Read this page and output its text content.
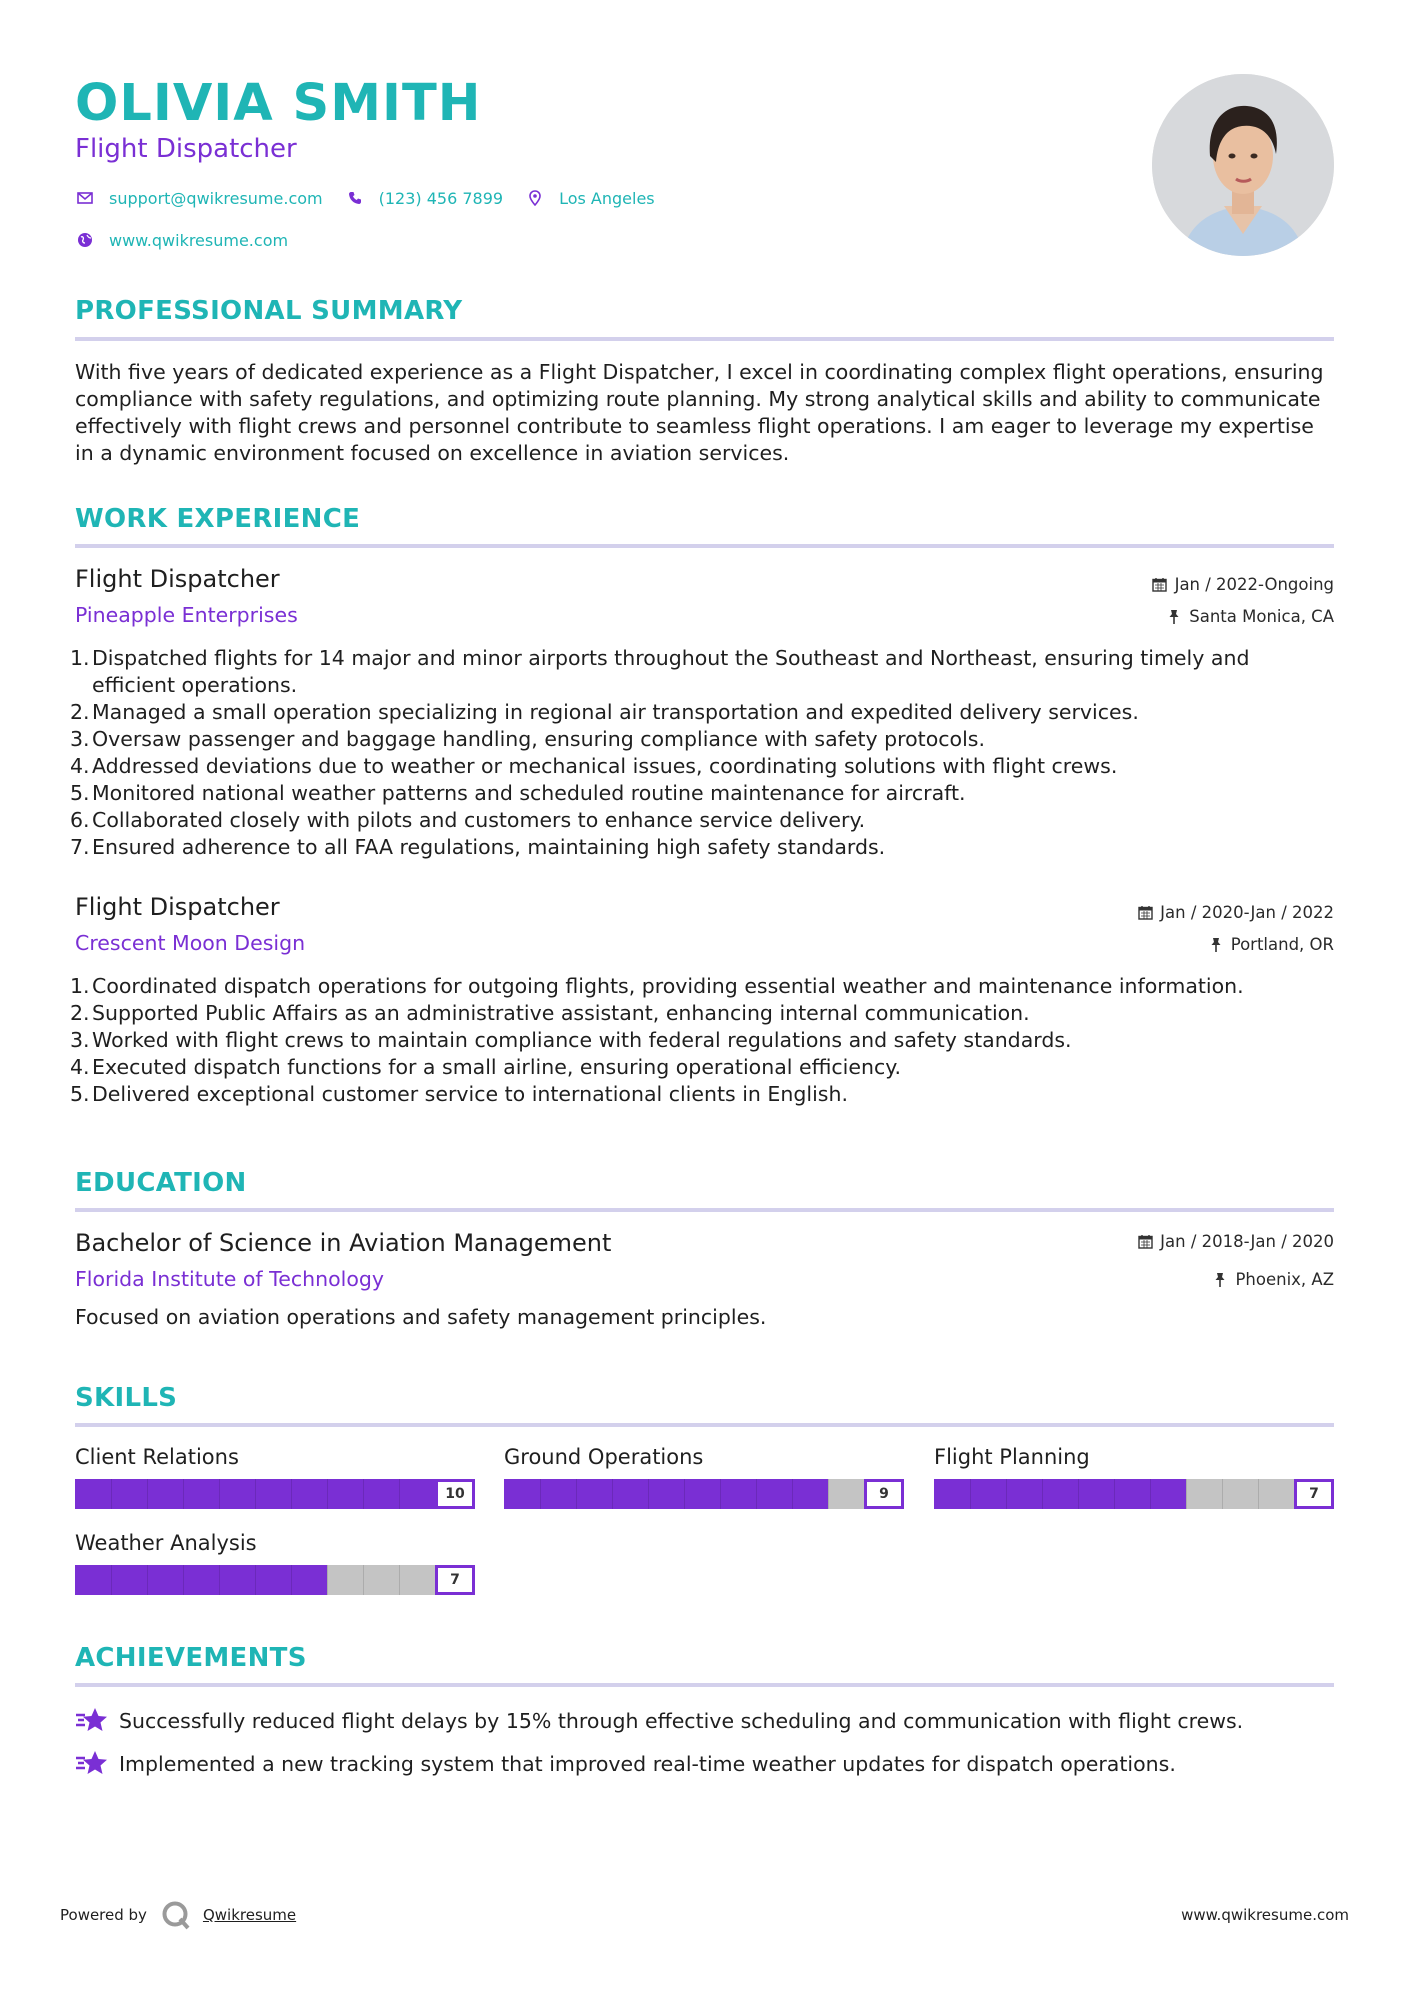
OLIVIA SMITH
Flight Dispatcher
support@qwikresume.com	(123) 456 7899	Los Angeles
www.qwikresume.com
PROFESSIONAL SUMMARY
With five years of dedicated experience as a Flight Dispatcher, I excel in coordinating complex flight operations, ensuring compliance with safety regulations, and optimizing route planning. My strong analytical skills and ability to communicate effectively with flight crews and personnel contribute to seamless flight operations. I am eager to leverage my expertise in a dynamic environment focused on excellence in aviation services.
WORK EXPERIENCE
Flight Dispatcher
Pineapple Enterprises
Jan / 2022-Ongoing
Santa Monica, CA
1. Dispatched flights for 14 major and minor airports throughout the Southeast and Northeast, ensuring timely and efficient operations.
2. Managed a small operation specializing in regional air transportation and expedited delivery services.
3. Oversaw passenger and baggage handling, ensuring compliance with safety protocols.
4. Addressed deviations due to weather or mechanical issues, coordinating solutions with flight crews.
5. Monitored national weather patterns and scheduled routine maintenance for aircraft.
6. Collaborated closely with pilots and customers to enhance service delivery.
7. Ensured adherence to all FAA regulations, maintaining high safety standards.
Flight Dispatcher
Crescent Moon Design
Jan / 2020-Jan / 2022
Portland, OR
1. Coordinated dispatch operations for outgoing flights, providing essential weather and maintenance information.
2. Supported Public Affairs as an administrative assistant, enhancing internal communication.
3. Worked with flight crews to maintain compliance with federal regulations and safety standards.
4. Executed dispatch functions for a small airline, ensuring operational efficiency.
5. Delivered exceptional customer service to international clients in English.
EDUCATION
Bachelor of Science in Aviation Management
Florida Institute of Technology
Jan / 2018-Jan / 2020
Phoenix, AZ
Focused on aviation operations and safety management principles.
SKILLS
Client Relations
10
Ground Operations
9
Flight Planning
7
Weather Analysis
7
ACHIEVEMENTS
Successfully reduced flight delays by 15% through effective scheduling and communication with flight crews.
Implemented a new tracking system that improved real-time weather updates for dispatch operations.
Powered by	Qwikresume	www.qwikresume.com
